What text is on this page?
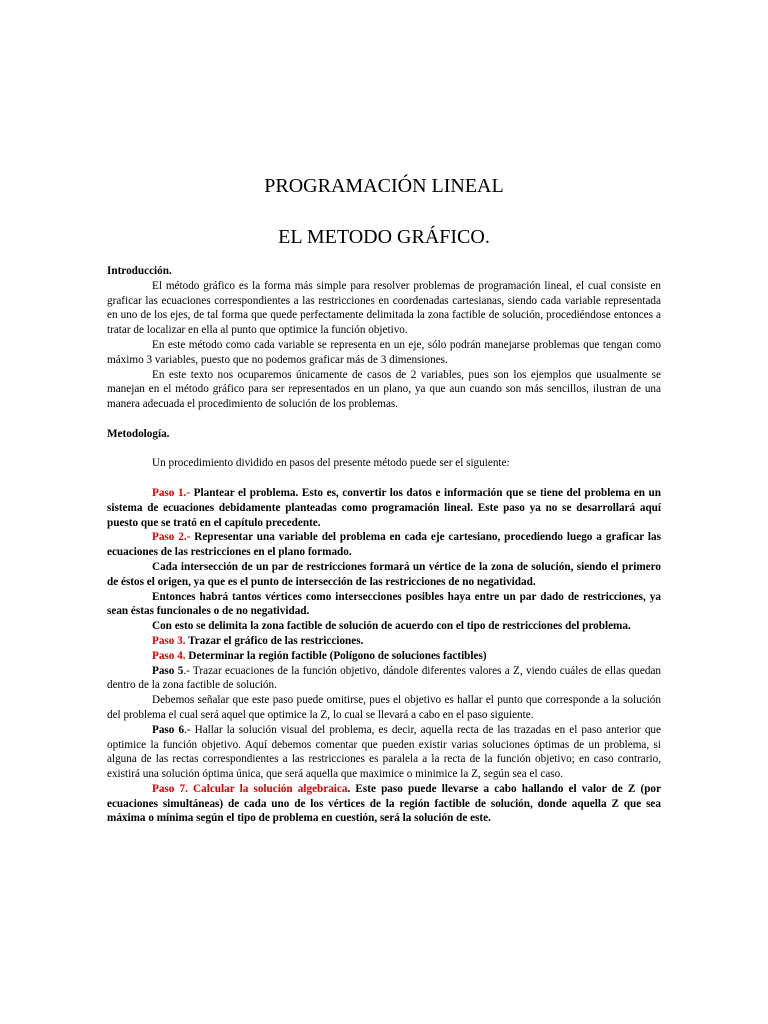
PROGRAMACIÓN LINEAL
EL METODO GRÁFICO.

Introducción.

El método gráfico es la forma más simple para resolver problemas de programación lineal, el cual consiste en graficar las ecuaciones correspondientes a las restricciones en coordenadas cartesianas, siendo cada variable representada en uno de los ejes, de tal forma que quede perfectamente delimitada la zona factible de solución, procediéndose entonces a tratar de localizar en ella al punto que optimice la función objetivo.

En este método como cada variable se representa en un eje, sólo podrán manejarse problemas que tengan como máximo 3 variables, puesto que no podemos graficar más de 3 dimensiones.

En este texto nos ocuparemos únicamente de casos de 2 variables, pues son los ejemplos que usualmente se manejan en el método gráfico para ser representados en un plano, ya que aun cuando son más sencillos, ilustran de una manera adecuada el procedimiento de solución de los problemas.

Metodología.

Un procedimiento dividido en pasos del presente método puede ser el siguiente:

Paso 1.- Plantear el problema. Esto es, convertir los datos e información que se tiene del problema en un sistema de ecuaciones debidamente planteadas como programación lineal. Este paso ya no se desarrollará aquí puesto que se trató en el capítulo precedente.

Paso 2.- Representar una variable del problema en cada eje cartesiano, procediendo luego a graficar las ecuaciones de las restricciones en el plano formado.

Cada intersección de un par de restricciones formará un vértice de la zona de solución, siendo el primero de éstos el origen, ya que es el punto de intersección de las restricciones de no negatividad.

Entonces habrá tantos vértices como intersecciones posibles haya entre un par dado de restricciones, ya sean éstas funcionales o de no negatividad.

Con esto se delimita la zona factible de solución de acuerdo con el tipo de restricciones del problema.

Paso 3. Trazar el gráfico de las restricciones.

Paso 4. Determinar la región factible (Polígono de soluciones factibles)

Paso 5.- Trazar ecuaciones de la función objetivo, dándole diferentes valores a Z, viendo cuáles de ellas quedan dentro de la zona factible de solución.

Debemos señalar que este paso puede omitirse, pues el objetivo es hallar el punto que corresponde a la solución del problema el cual será aquel que optimice la Z, lo cual se llevará a cabo en el paso siguiente.

Paso 6.- Hallar la solución visual del problema, es decir, aquella recta de las trazadas en el paso anterior que optimice la función objetivo. Aquí debemos comentar que pueden existir varias soluciones óptimas de un problema, si alguna de las rectas correspondientes a las restricciones es paralela a la recta de la función objetivo; en caso contrario, existirá una solución óptima única, que será aquella que maximice o minimice la Z, según sea el caso.

Paso 7. Calcular la solución algebraica. Este paso puede llevarse a cabo hallando el valor de Z (por ecuaciones simultáneas) de cada uno de los vértices de la región factible de solución, donde aquella Z que sea máxima o mínima según el tipo de problema en cuestión, será la solución de este.
